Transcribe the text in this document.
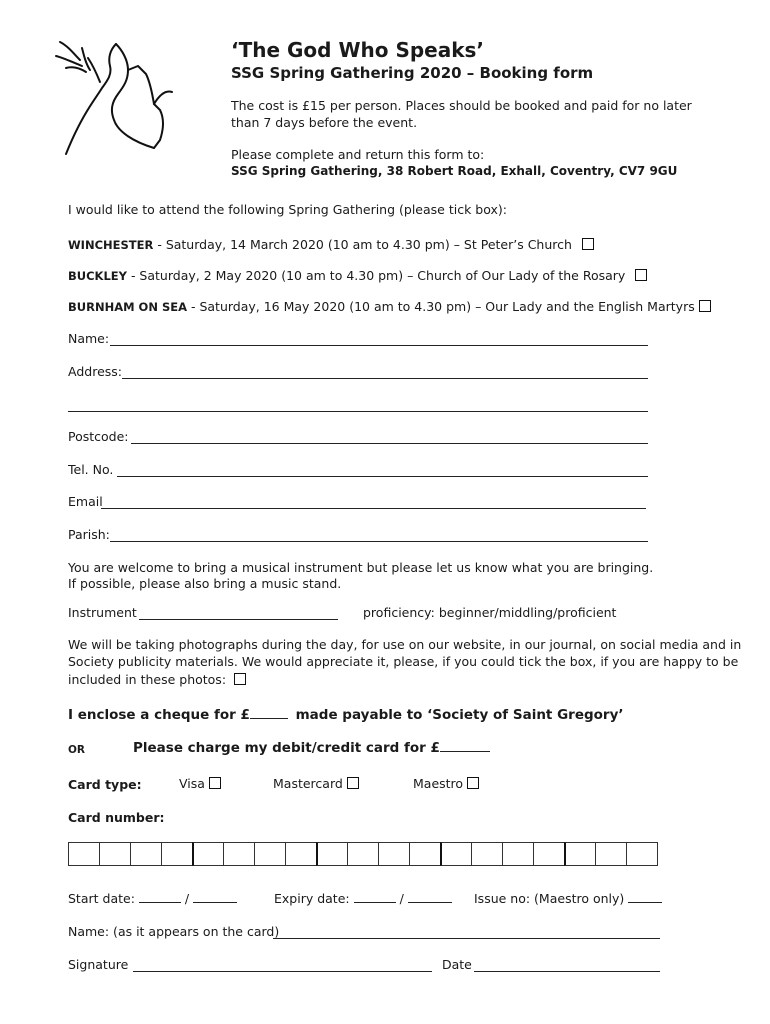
‘The God Who Speaks’
SSG Spring Gathering 2020 – Booking form
The cost is £15 per person. Places should be booked and paid for no later
than 7 days before the event.
Please complete and return this form to:
SSG Spring Gathering, 38 Robert Road, Exhall, Coventry, CV7 9GU
I would like to attend the following Spring Gathering (please tick box):
WINCHESTER - Saturday, 14 March 2020 (10 am to 4.30 pm) – St Peter’s Church
BUCKLEY - Saturday, 2 May 2020 (10 am to 4.30 pm) – Church of Our Lady of the Rosary
BURNHAM ON SEA - Saturday, 16 May 2020 (10 am to 4.30 pm) – Our Lady and the English Martyrs
Name:
Address:
Postcode:
Tel. No.
Email
Parish:
You are welcome to bring a musical instrument but please let us know what you are bringing.
If possible, please also bring a music stand.
Instrument	proficiency: beginner/middling/proficient
We will be taking photographs during the day, for use on our website, in our journal, on social media and in
Society publicity materials. We would appreciate it, please, if you could tick the box, if you are happy to be
included in these photos:
I enclose a cheque for £	made payable to ‘Society of Saint Gregory’
OR	Please charge my debit/credit card for £
Card type:	Visa	Mastercard	Maestro
Card number:
Start date:	/	Expiry date:	/	Issue no: (Maestro only)
Name: (as it appears on the card)
Signature	Date
